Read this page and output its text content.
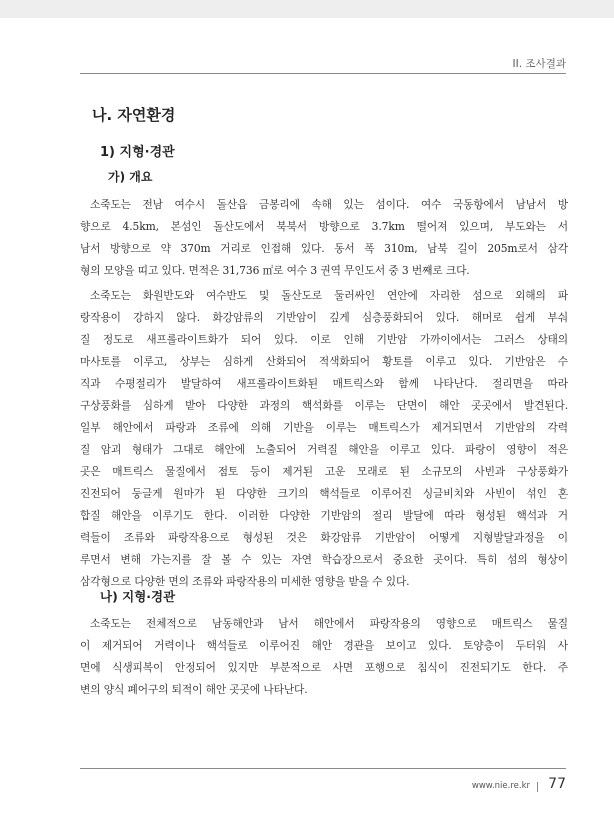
II. 조사결과
나. 자연환경
1) 지형·경관
가) 개요
소죽도는 전남 여수시 돌산읍 금봉리에 속해 있는 섬이다. 여수 국동항에서 남남서 방
향으로 4.5km, 본섬인 돌산도에서 북북서 방향으로 3.7km 떨어져 있으며, 부도와는 서
남서 방향으로 약 370m 거리로 인접해 있다. 동서 폭 310m, 남북 길이 205m로서 삼각
형의 모양을 띠고 있다. 면적은 31,736 ㎡로 여수 3 권역 무인도서 중 3 번째로 크다.
소죽도는 화원반도와 여수반도 및 돌산도로 둘러싸인 연안에 자리한 섬으로 외해의 파
랑작용이 강하지 않다. 화강암류의 기반암이 깊게 심층풍화되어 있다. 해머로 쉽게 부숴
질 정도로 새프롤라이트화가 되어 있다. 이로 인해 기반암 가까이에서는 그러스 상태의
마사토를 이루고, 상부는 심하게 산화되어 적색화되어 황토를 이루고 있다. 기반암은 수
직과 수평절리가 발달하여 새프롤라이트화된 매트릭스와 함께 나타난다. 절리면을 따라
구상풍화를 심하게 받아 다양한 과정의 핵석화를 이루는 단면이 해안 곳곳에서 발견된다.
일부 해안에서 파랑과 조류에 의해 기반을 이루는 매트릭스가 제거되면서 기반암의 각력
질 암괴 형태가 그대로 해안에 노출되어 거력질 해안을 이루고 있다. 파랑이 영향이 적은
곳은 매트릭스 물질에서 점토 등이 제거된 고운 모래로 된 소규모의 사빈과 구상풍화가
진전되어 둥글게 원마가 된 다양한 크기의 핵석들로 이루어진 싱글비치와 사빈이 섞인 혼
합질 해안을 이루기도 한다. 이러한 다양한 기반암의 절리 발달에 따라 형성된 핵석과 거
력들이 조류와 파랑작용으로 형성된 것은 화강암류 기반암이 어떻게 지형발달과정을 이
루면서 변해 가는지를 잘 볼 수 있는 자연 학습장으로서 중요한 곳이다. 특히 섬의 형상이
삼각형으로 다양한 면의 조류와 파랑작용의 미세한 영향을 받을 수 있다.
나) 지형·경관
소죽도는 전체적으로 남동해안과 남서 해안에서 파랑작용의 영향으로 매트릭스 물질
이 제거되어 거력이나 핵석들로 이루어진 해안 경관을 보이고 있다. 토양층이 두터워 사
면에 식생피복이 안정되어 있지만 부분적으로 사면 포행으로 침식이 진전되기도 한다. 주
변의 양식 폐어구의 퇴적이 해안 곳곳에 나타난다.
www.nie.re.kr 77
